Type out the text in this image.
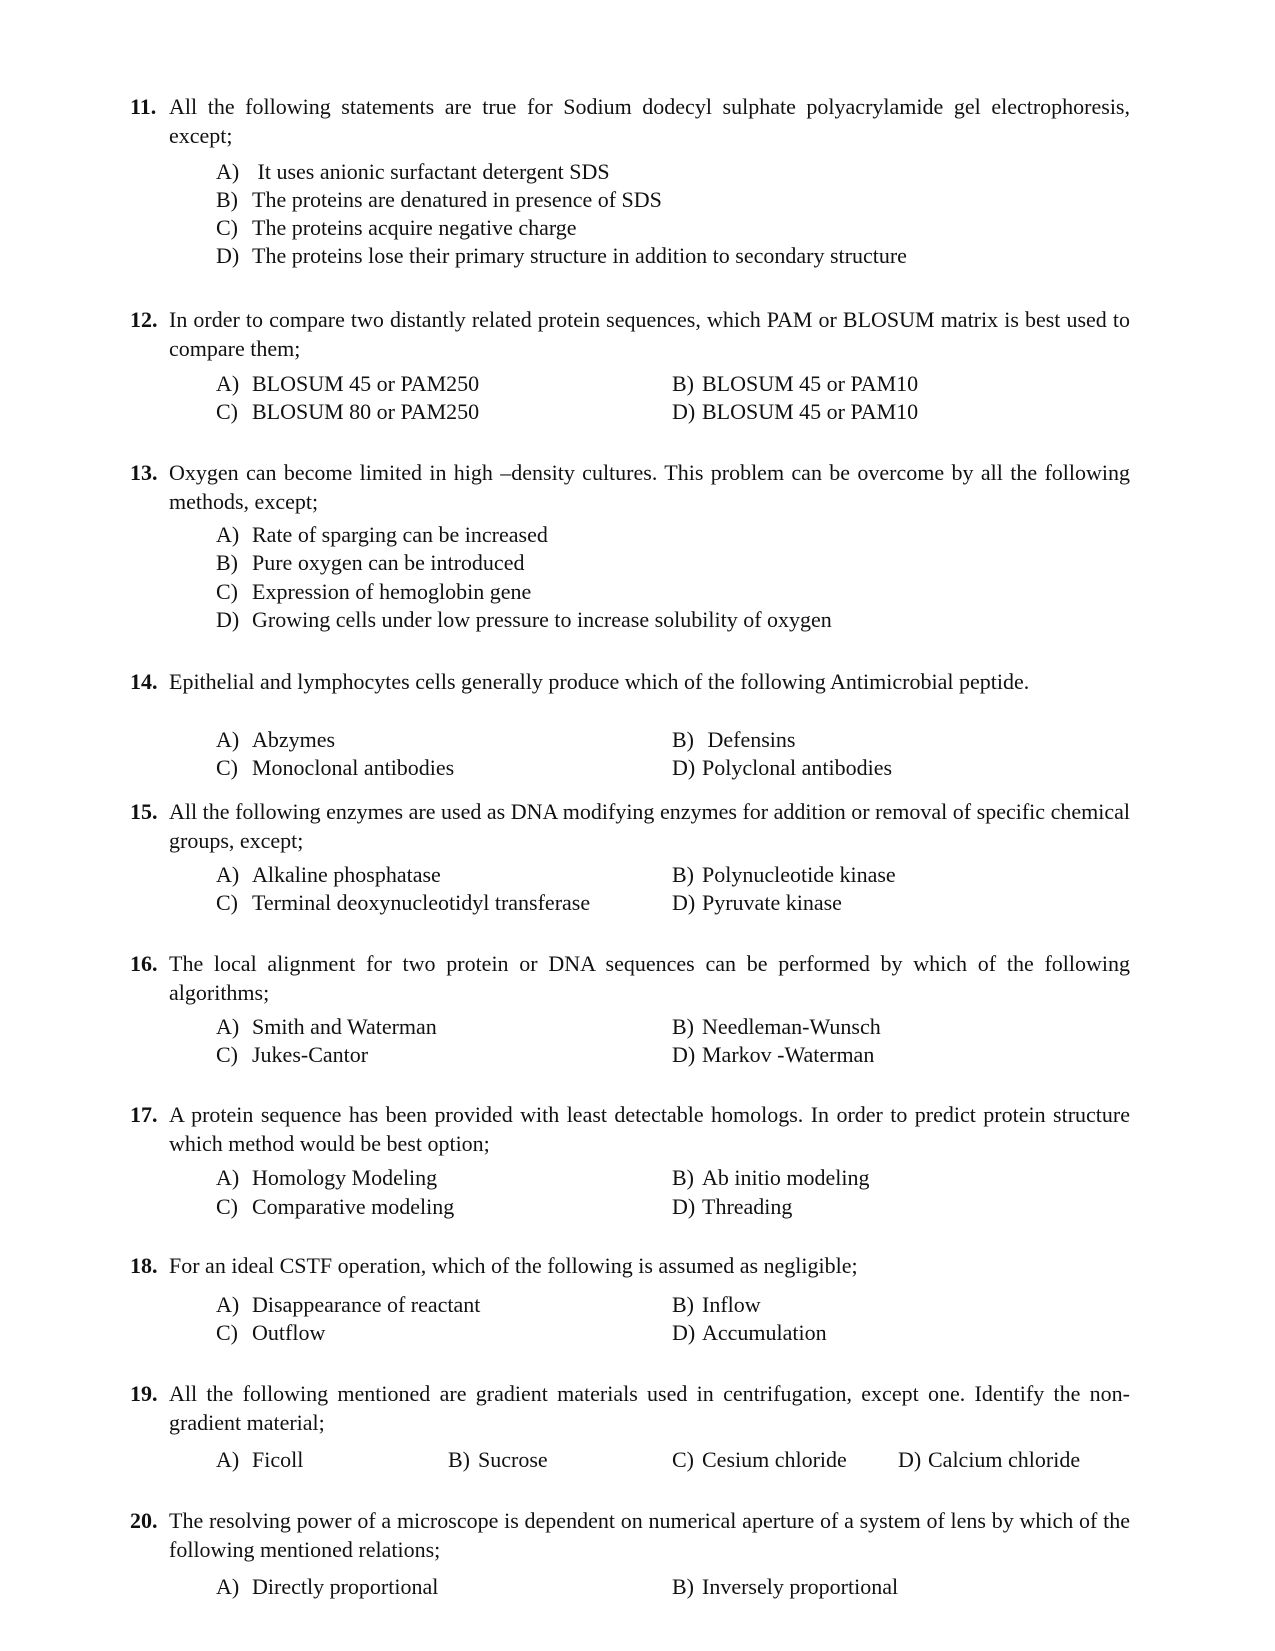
11. All the following statements are true for Sodium dodecyl sulphate polyacrylamide gel electrophoresis, except;
A) It uses anionic surfactant detergent SDS
B) The proteins are denatured in presence of SDS
C) The proteins acquire negative charge
D) The proteins lose their primary structure in addition to secondary structure
12. In order to compare two distantly related protein sequences, which PAM or BLOSUM matrix is best used to compare them;
A) BLOSUM 45 or PAM250	B) BLOSUM 45 or PAM10
C) BLOSUM 80 or PAM250	D) BLOSUM 45 or PAM10
13. Oxygen can become limited in high –density cultures. This problem can be overcome by all the following methods, except;
A) Rate of sparging can be increased
B) Pure oxygen can be introduced
C) Expression of hemoglobin gene
D) Growing cells under low pressure to increase solubility of oxygen
14. Epithelial and lymphocytes cells generally produce which of the following Antimicrobial peptide.
A) Abzymes	B) Defensins
C) Monoclonal antibodies	D) Polyclonal antibodies
15. All the following enzymes are used as DNA modifying enzymes for addition or removal of specific chemical groups, except;
A) Alkaline phosphatase	B) Polynucleotide kinase
C) Terminal deoxynucleotidyl transferase	D) Pyruvate kinase
16. The local alignment for two protein or DNA sequences can be performed by which of the following algorithms;
A) Smith and Waterman	B) Needleman-Wunsch
C) Jukes-Cantor	D) Markov -Waterman
17. A protein sequence has been provided with least detectable homologs. In order to predict protein structure which method would be best option;
A) Homology Modeling	B) Ab initio modeling
C) Comparative modeling	D) Threading
18. For an ideal CSTF operation, which of the following is assumed as negligible;
A) Disappearance of reactant	B) Inflow
C) Outflow	D) Accumulation
19. All the following mentioned are gradient materials used in centrifugation, except one. Identify the non-gradient material;
A) Ficoll	B) Sucrose	C) Cesium chloride D) Calcium chloride
20. The resolving power of a microscope is dependent on numerical aperture of a system of lens by which of the following mentioned relations;
A) Directly proportional	B) Inversely proportional
